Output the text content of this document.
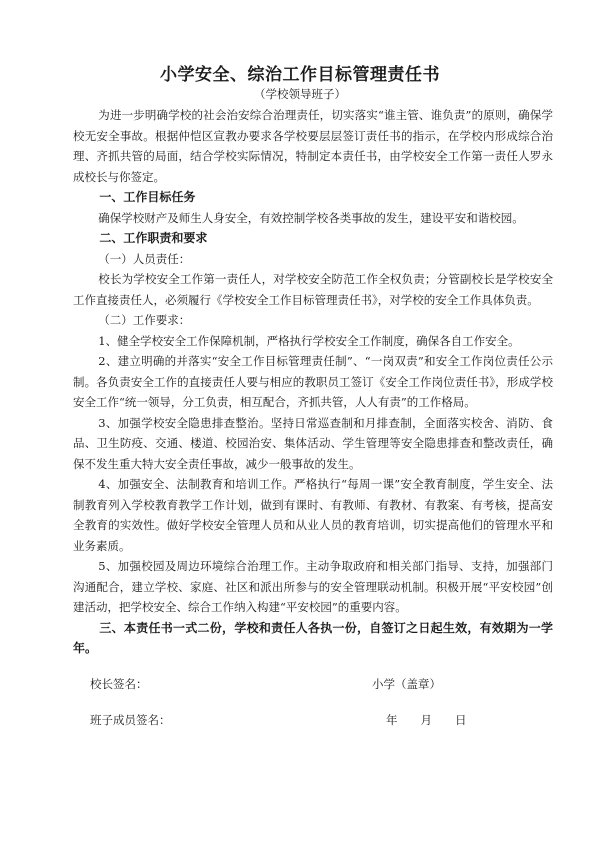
小学安全、综治工作目标管理责任书
（学校领导班子）

为进一步明确学校的社会治安综合治理责任，切实落实“谁主管、谁负责”的原则，确保学校无安全事故。根据仲恺区宣教办要求各学校要层层签订责任书的指示，在学校内形成综合治理、齐抓共管的局面，结合学校实际情况，特制定本责任书，由学校安全工作第一责任人罗永成校长与你签定。

一、工作目标任务

确保学校财产及师生人身安全，有效控制学校各类事故的发生，建设平安和谐校园。

二、工作职责和要求

（一）人员责任：

校长为学校安全工作第一责任人，对学校安全防范工作全权负责；分管副校长是学校安全工作直接责任人，必须履行《学校安全工作目标管理责任书》，对学校的安全工作具体负责。

（二）工作要求：

1、健全学校安全工作保障机制，严格执行学校安全工作制度，确保各自工作安全。

2、建立明确的并落实“安全工作目标管理责任制”、“一岗双责”和安全工作岗位责任公示制。各负责安全工作的直接责任人要与相应的教职员工签订《安全工作岗位责任书》，形成学校安全工作“统一领导，分工负责，相互配合，齐抓共管，人人有责”的工作格局。

3、加强学校安全隐患排查整治。坚持日常巡查制和月排查制，全面落实校舍、消防、食品、卫生防疫、交通、楼道、校园治安、集体活动、学生管理等安全隐患排查和整改责任，确保不发生重大特大安全责任事故，减少一般事故的发生。

4、加强安全、法制教育和培训工作。严格执行“每周一课”安全教育制度，学生安全、法制教育列入学校教育教学工作计划，做到有课时、有教师、有教材、有教案、有考核，提高安全教育的实效性。做好学校安全管理人员和从业人员的教育培训，切实提高他们的管理水平和业务素质。

5、加强校园及周边环境综合治理工作。主动争取政府和相关部门指导、支持，加强部门沟通配合，建立学校、家庭、社区和派出所参与的安全管理联动机制。积极开展“平安校园”创建活动，把学校安全、综合工作纳入构建“平安校园”的重要内容。

三、本责任书一式二份，学校和责任人各执一份，自签订之日起生效，有效期为一学年。

校长签名：	小学（盖章）
班子成员签名：	年　　月　　日
